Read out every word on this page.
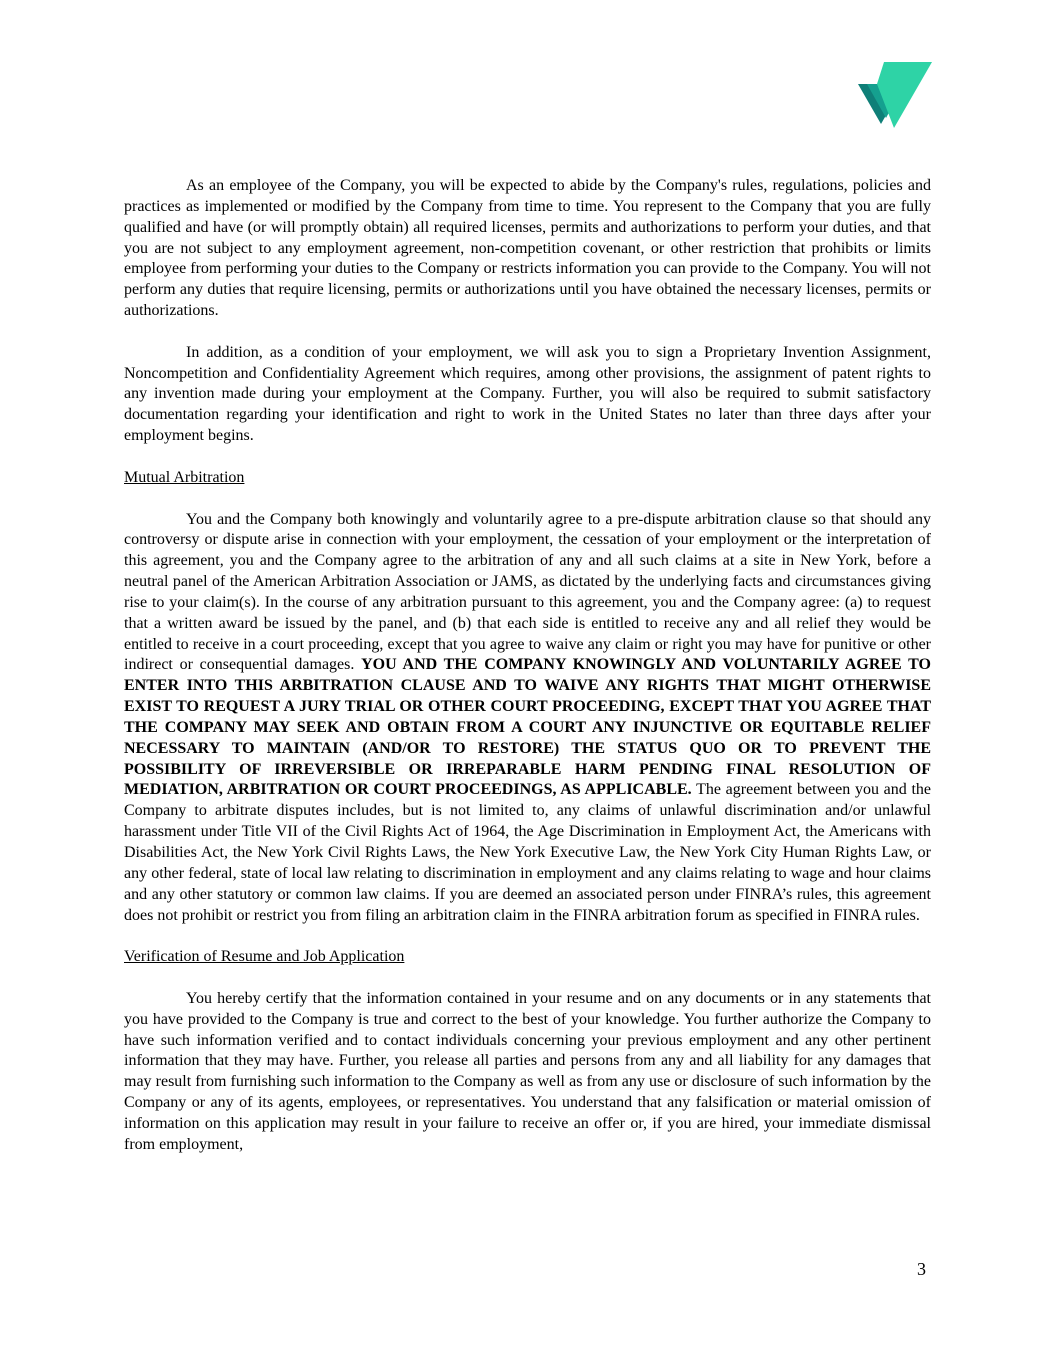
As an employee of the Company, you will be expected to abide by the Company's rules, regulations, policies and practices as implemented or modified by the Company from time to time. You represent to the Company that you are fully qualified and have (or will promptly obtain) all required licenses, permits and authorizations to perform your duties, and that you are not subject to any employment agreement, non-competition covenant, or other restriction that prohibits or limits employee from performing your duties to the Company or restricts information you can provide to the Company. You will not perform any duties that require licensing, permits or authorizations until you have obtained the necessary licenses, permits or authorizations.

In addition, as a condition of your employment, we will ask you to sign a Proprietary Invention Assignment, Noncompetition and Confidentiality Agreement which requires, among other provisions, the assignment of patent rights to any invention made during your employment at the Company. Further, you will also be required to submit satisfactory documentation regarding your identification and right to work in the United States no later than three days after your employment begins.

Mutual Arbitration

You and the Company both knowingly and voluntarily agree to a pre-dispute arbitration clause so that should any controversy or dispute arise in connection with your employment, the cessation of your employment or the interpretation of this agreement, you and the Company agree to the arbitration of any and all such claims at a site in New York, before a neutral panel of the American Arbitration Association or JAMS, as dictated by the underlying facts and circumstances giving rise to your claim(s). In the course of any arbitration pursuant to this agreement, you and the Company agree: (a) to request that a written award be issued by the panel, and (b) that each side is entitled to receive any and all relief they would be entitled to receive in a court proceeding, except that you agree to waive any claim or right you may have for punitive or other indirect or consequential damages. YOU AND THE COMPANY KNOWINGLY AND VOLUNTARILY AGREE TO ENTER INTO THIS ARBITRATION CLAUSE AND TO WAIVE ANY RIGHTS THAT MIGHT OTHERWISE EXIST TO REQUEST A JURY TRIAL OR OTHER COURT PROCEEDING, EXCEPT THAT YOU AGREE THAT THE COMPANY MAY SEEK AND OBTAIN FROM A COURT ANY INJUNCTIVE OR EQUITABLE RELIEF NECESSARY TO MAINTAIN (AND/OR TO RESTORE) THE STATUS QUO OR TO PREVENT THE POSSIBILITY OF IRREVERSIBLE OR IRREPARABLE HARM PENDING FINAL RESOLUTION OF MEDIATION, ARBITRATION OR COURT PROCEEDINGS, AS APPLICABLE. The agreement between you and the Company to arbitrate disputes includes, but is not limited to, any claims of unlawful discrimination and/or unlawful harassment under Title VII of the Civil Rights Act of 1964, the Age Discrimination in Employment Act, the Americans with Disabilities Act, the New York Civil Rights Laws, the New York Executive Law, the New York City Human Rights Law, or any other federal, state of local law relating to discrimination in employment and any claims relating to wage and hour claims and any other statutory or common law claims. If you are deemed an associated person under FINRA’s rules, this agreement does not prohibit or restrict you from filing an arbitration claim in the FINRA arbitration forum as specified in FINRA rules.

Verification of Resume and Job Application

You hereby certify that the information contained in your resume and on any documents or in any statements that you have provided to the Company is true and correct to the best of your knowledge. You further authorize the Company to have such information verified and to contact individuals concerning your previous employment and any other pertinent information that they may have. Further, you release all parties and persons from any and all liability for any damages that may result from furnishing such information to the Company as well as from any use or disclosure of such information by the Company or any of its agents, employees, or representatives. You understand that any falsification or material omission of information on this application may result in your failure to receive an offer or, if you are hired, your immediate dismissal from employment,

3
